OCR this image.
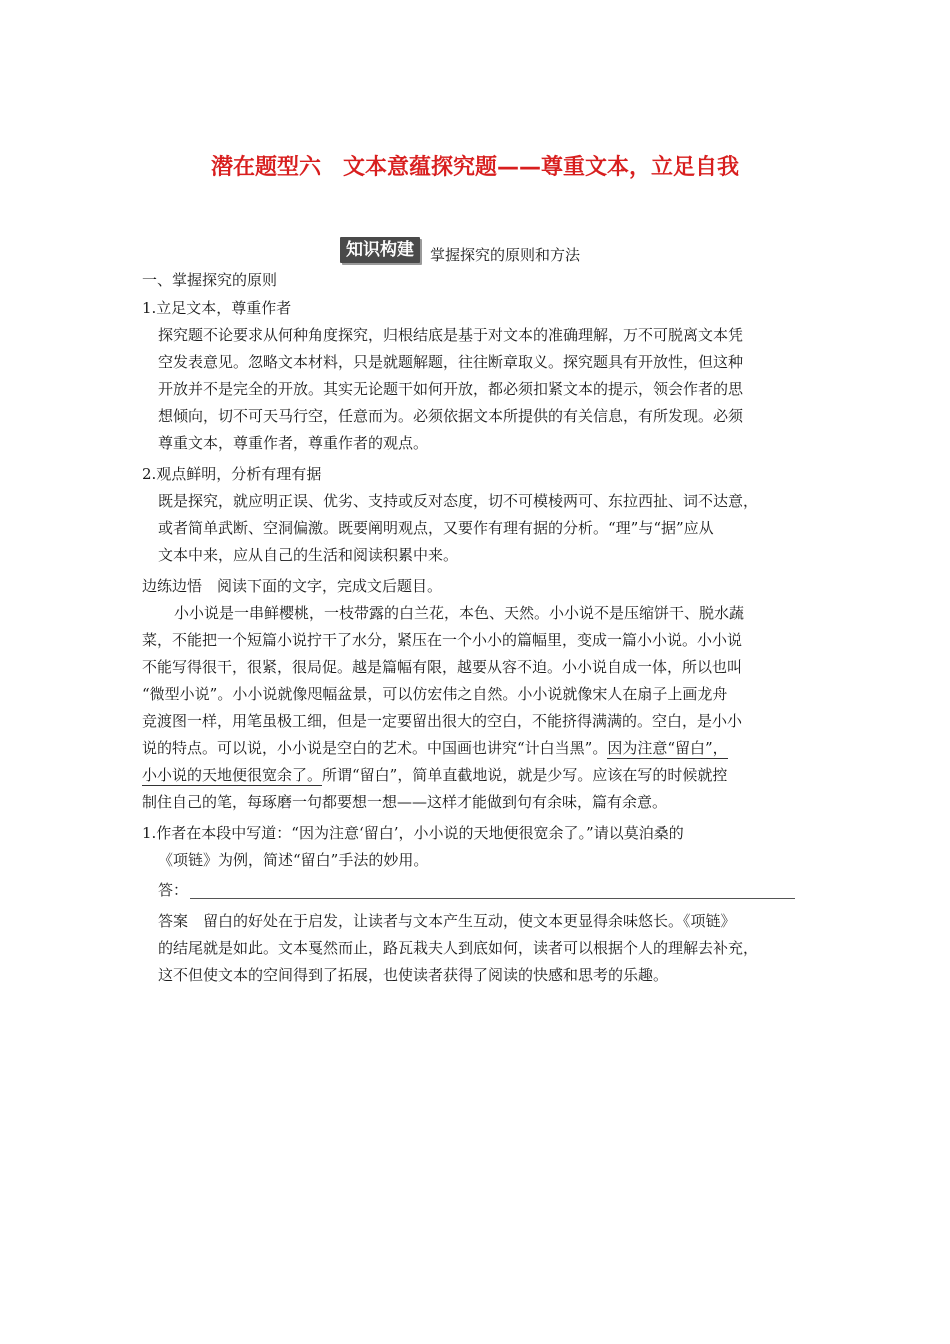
潜在题型六　文本意蕴探究题——尊重文本，立足自我
知识构建	掌握探究的原则和方法
一、掌握探究的原则
1.立足文本，尊重作者
探究题不论要求从何种角度探究，归根结底是基于对文本的准确理解，万不可脱离文本凭
空发表意见。忽略文本材料，只是就题解题，往往断章取义。探究题具有开放性，但这种
开放并不是完全的开放。其实无论题干如何开放，都必须扣紧文本的提示，领会作者的思
想倾向，切不可天马行空，任意而为。必须依据文本所提供的有关信息，有所发现。必须
尊重文本，尊重作者，尊重作者的观点。
2.观点鲜明，分析有理有据
既是探究，就应明正误、优劣、支持或反对态度，切不可模棱两可、东拉西扯、词不达意，
或者简单武断、空洞偏激。既要阐明观点，又要作有理有据的分析。“理”与“据”应从
文本中来，应从自己的生活和阅读积累中来。
边练边悟　阅读下面的文字，完成文后题目。
小小说是一串鲜樱桃，一枝带露的白兰花，本色、天然。小小说不是压缩饼干、脱水蔬
菜，不能把一个短篇小说拧干了水分，紧压在一个小小的篇幅里，变成一篇小小说。小小说
不能写得很干，很紧，很局促。越是篇幅有限，越要从容不迫。小小说自成一体，所以也叫
“微型小说”。小小说就像咫幅盆景，可以仿宏伟之自然。小小说就像宋人在扇子上画龙舟
竞渡图一样，用笔虽极工细，但是一定要留出很大的空白，不能挤得满满的。空白，是小小
说的特点。可以说，小小说是空白的艺术。中国画也讲究“计白当黑”。因为注意“留白”，
小小说的天地便很宽余了。所谓“留白”，简单直截地说，就是少写。应该在写的时候就控
制住自己的笔，每琢磨一句都要想一想——这样才能做到句有余味，篇有余意。
1.作者在本段中写道：“因为注意‘留白’，小小说的天地便很宽余了。”请以莫泊桑的
《项链》为例，简述“留白”手法的妙用。
答：
答案　留白的好处在于启发，让读者与文本产生互动，使文本更显得余味悠长。《项链》
的结尾就是如此。文本戛然而止，路瓦栽夫人到底如何，读者可以根据个人的理解去补充，
这不但使文本的空间得到了拓展，也使读者获得了阅读的快感和思考的乐趣。
